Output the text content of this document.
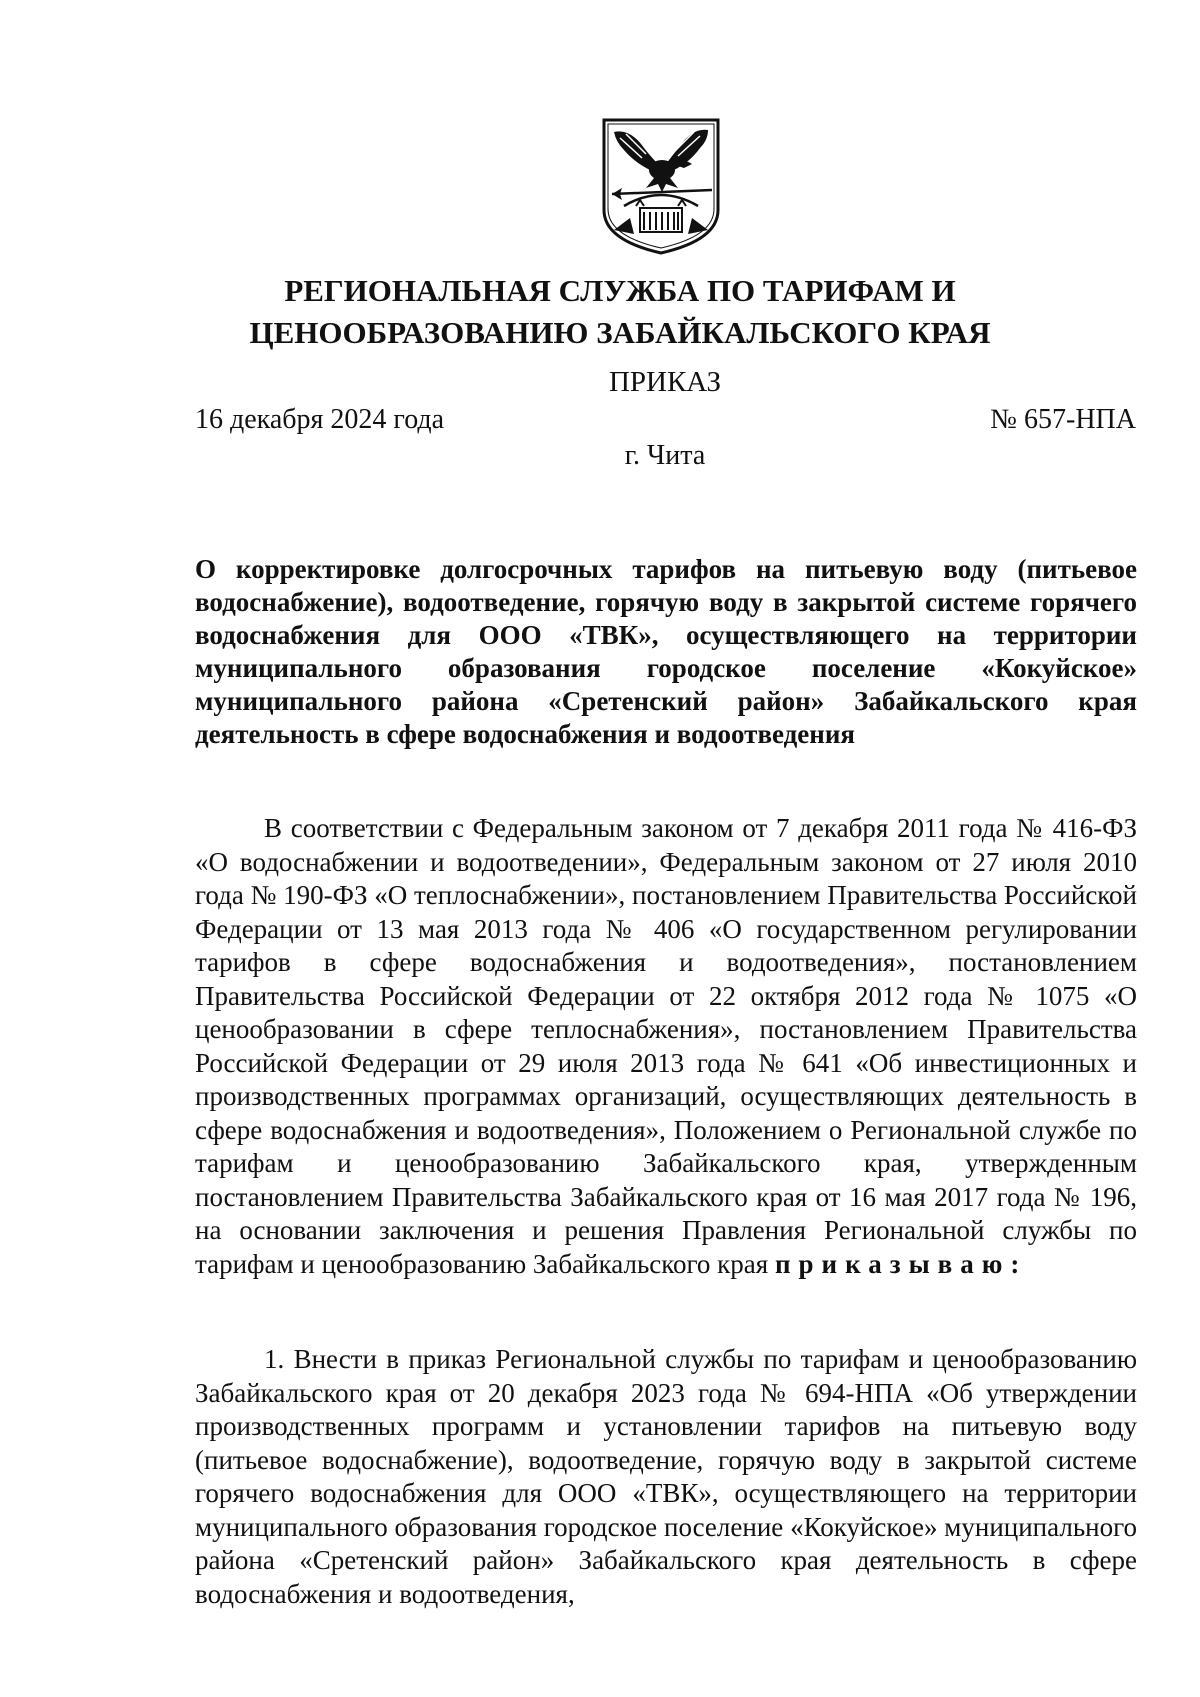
РЕГИОНАЛЬНАЯ СЛУЖБА ПО ТАРИФАМ И
ЦЕНООБРАЗОВАНИЮ ЗАБАЙКАЛЬСКОГО КРАЯ

ПРИКАЗ

16 декабря 2024 года	№ 657-НПА
г. Чита

О корректировке долгосрочных тарифов на питьевую воду (питьевое водоснабжение), водоотведение, горячую воду в закрытой системе горячего водоснабжения для ООО «ТВК», осуществляющего на территории муниципального образования городское поселение «Кокуйское» муниципального района «Сретенский район» Забайкальского края деятельность в сфере водоснабжения и водоотведения

В соответствии с Федеральным законом от 7 декабря 2011 года № 416-ФЗ «О водоснабжении и водоотведении», Федеральным законом от 27 июля 2010 года № 190-ФЗ «О теплоснабжении», постановлением Правительства Российской Федерации от 13 мая 2013 года № 406 «О государственном регулировании тарифов в сфере водоснабжения и водоотведения», постановлением Правительства Российской Федерации от 22 октября 2012 года № 1075 «О ценообразовании в сфере теплоснабжения», постановлением Правительства Российской Федерации от 29 июля 2013 года № 641 «Об инвестиционных и производственных программах организаций, осуществляющих деятельность в сфере водоснабжения и водоотведения», Положением о Региональной службе по тарифам и ценообразованию Забайкальского края, утвержденным постановлением Правительства Забайкальского края от 16 мая 2017 года № 196, на основании заключения и решения Правления Региональной службы по тарифам и ценообразованию Забайкальского края приказываю:

1. Внести в приказ Региональной службы по тарифам и ценообразованию Забайкальского края от 20 декабря 2023 года № 694-НПА «Об утверждении производственных программ и установлении тарифов на питьевую воду (питьевое водоснабжение), водоотведение, горячую воду в закрытой системе горячего водоснабжения для ООО «ТВК», осуществляющего на территории муниципального образования городское поселение «Кокуйское» муниципального района «Сретенский район» Забайкальского края деятельность в сфере водоснабжения и водоотведения,
